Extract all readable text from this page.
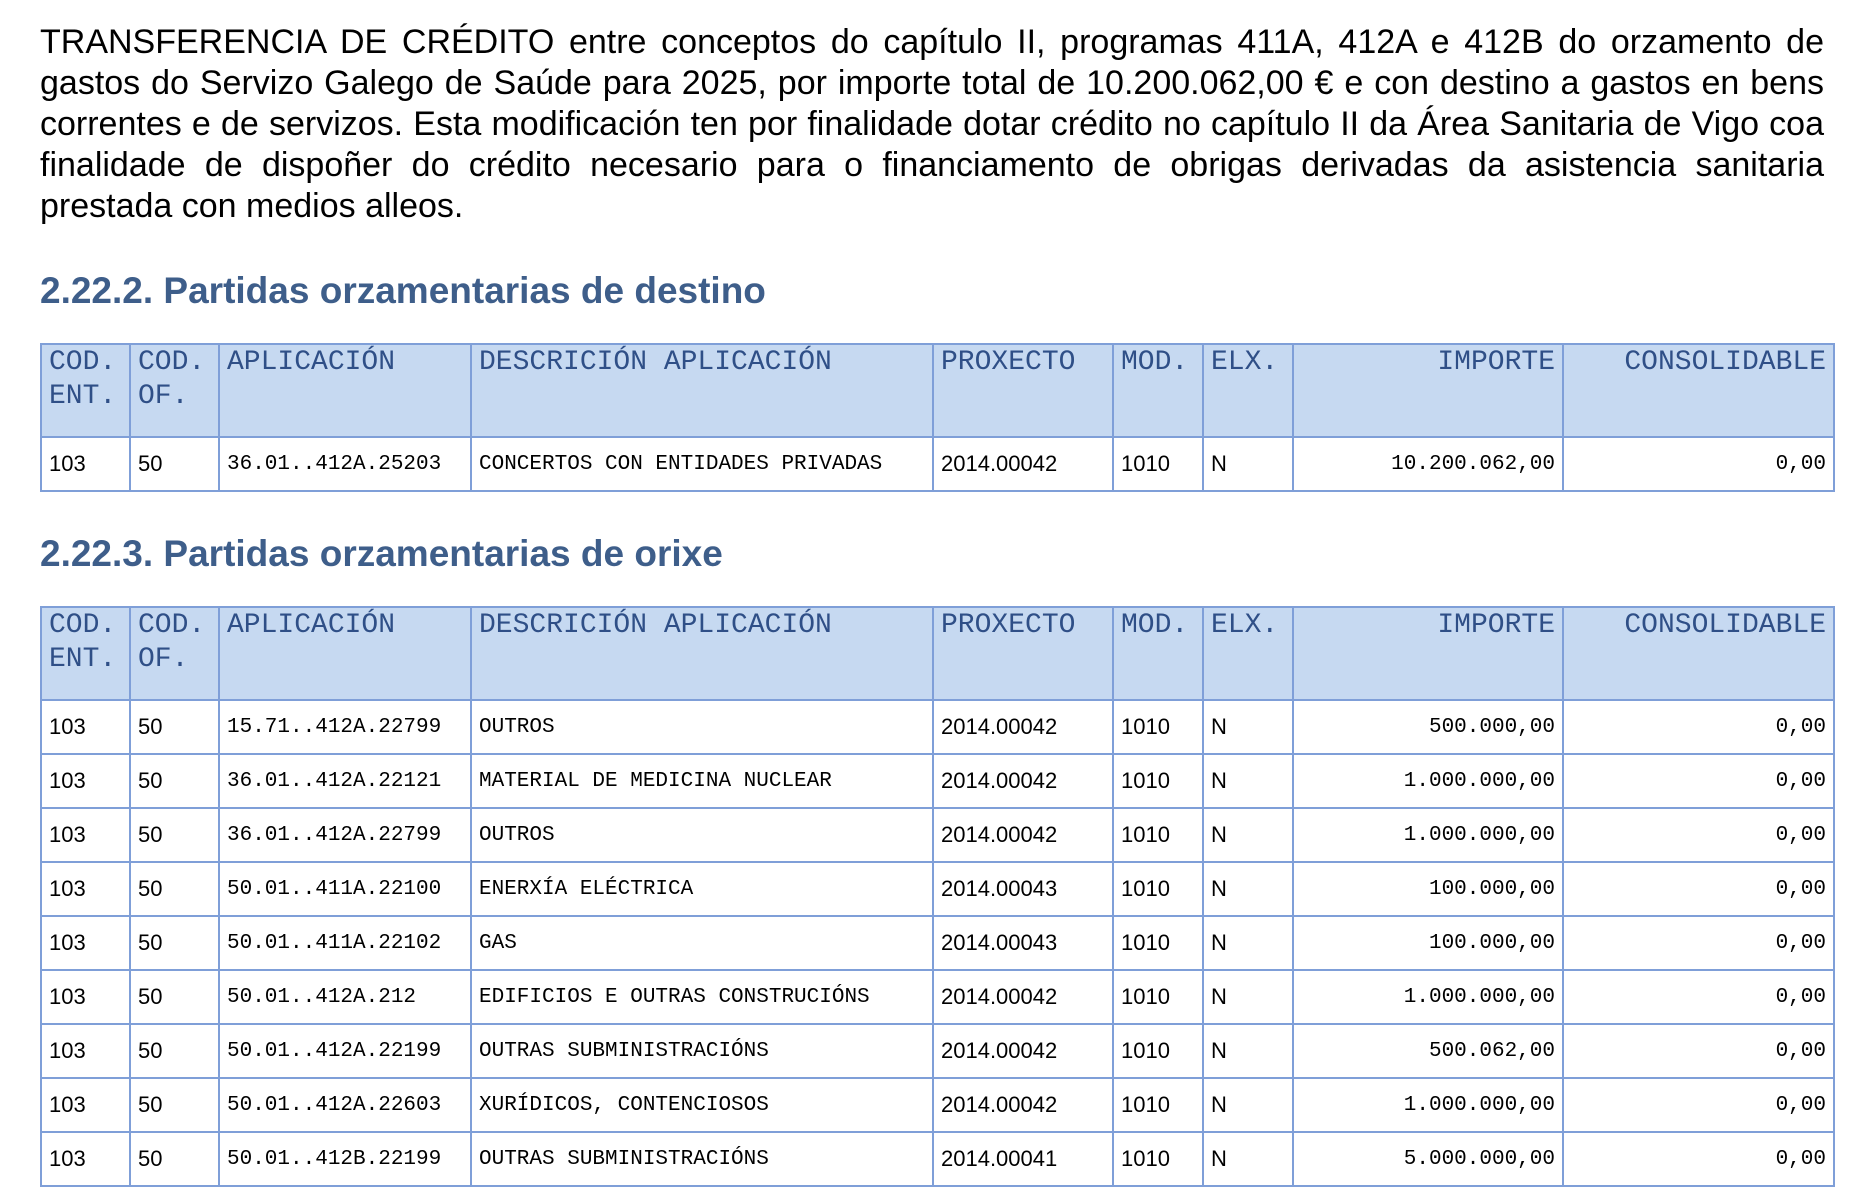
TRANSFERENCIA DE CRÉDITO entre conceptos do capítulo II, programas 411A, 412A e 412B do orzamento de gastos do Servizo Galego de Saúde para 2025, por importe total de 10.200.062,00 € e con destino a gastos en bens correntes e de servizos. Esta modificación ten por finalidade dotar crédito no capítulo II da Área Sanitaria de Vigo coa finalidade de dispoñer do crédito necesario para o financiamento de obrigas derivadas da asistencia sanitaria prestada con medios alleos.

2.22.2. Partidas orzamentarias de destino
COD. ENT.	COD. OF.	APLICACIÓN	DESCRICIÓN APLICACIÓN	PROXECTO	MOD.	ELX.	IMPORTE	CONSOLIDABLE
103	50	36.01..412A.25203	CONCERTOS CON ENTIDADES PRIVADAS	2014.00042	1010	N	10.200.062,00	0,00
2.22.3. Partidas orzamentarias de orixe
COD. ENT.	COD. OF.	APLICACIÓN	DESCRICIÓN APLICACIÓN	PROXECTO	MOD.	ELX.	IMPORTE	CONSOLIDABLE
103	50	15.71..412A.22799	OUTROS	2014.00042	1010	N	500.000,00	0,00
103	50	36.01..412A.22121	MATERIAL DE MEDICINA NUCLEAR	2014.00042	1010	N	1.000.000,00	0,00
103	50	36.01..412A.22799	OUTROS	2014.00042	1010	N	1.000.000,00	0,00
103	50	50.01..411A.22100	ENERXÍA ELÉCTRICA	2014.00043	1010	N	100.000,00	0,00
103	50	50.01..411A.22102	GAS	2014.00043	1010	N	100.000,00	0,00
103	50	50.01..412A.212	EDIFICIOS E OUTRAS CONSTRUCIÓNS	2014.00042	1010	N	1.000.000,00	0,00
103	50	50.01..412A.22199	OUTRAS SUBMINISTRACIÓNS	2014.00042	1010	N	500.062,00	0,00
103	50	50.01..412A.22603	XURÍDICOS, CONTENCIOSOS	2014.00042	1010	N	1.000.000,00	0,00
103	50	50.01..412B.22199	OUTRAS SUBMINISTRACIÓNS	2014.00041	1010	N	5.000.000,00	0,00
